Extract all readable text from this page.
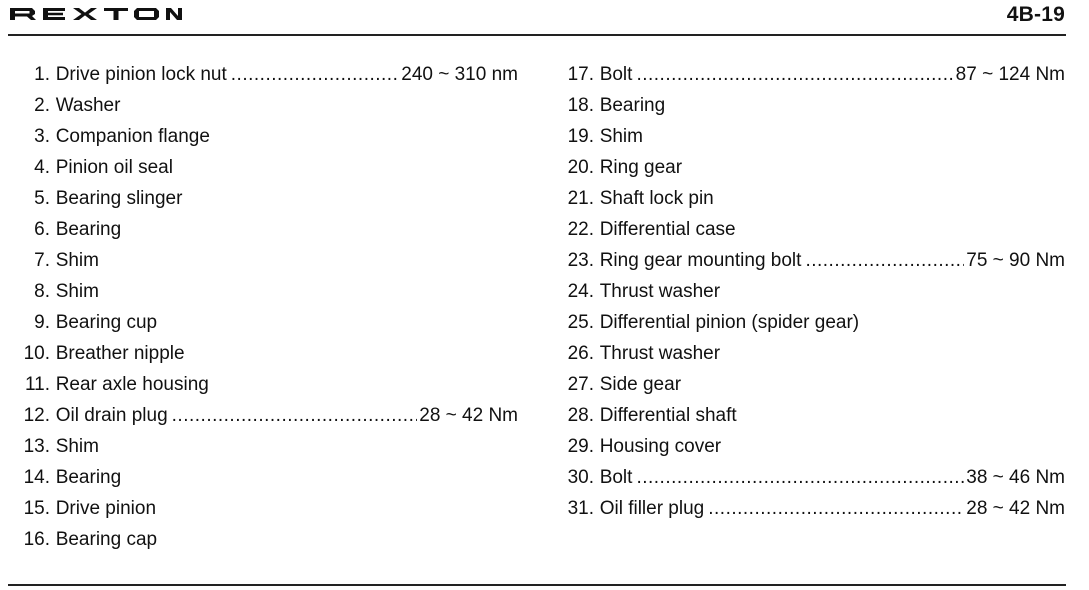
4B-19
1. Drive pinion lock nut .....	240 ~ 310 nm
2. Washer
3. Companion flange
4. Pinion oil seal
5. Bearing slinger
6. Bearing
7. Shim
8. Shim
9. Bearing cup
10. Breather nipple
11. Rear axle housing
12. Oil drain plug .....	28 ~ 42 Nm
13. Shim
14. Bearing
15. Drive pinion
16. Bearing cap
17. Bolt .....	87 ~ 124 Nm
18. Bearing
19. Shim
20. Ring gear
21. Shaft lock pin
22. Differential case
23. Ring gear mounting bolt .....	75 ~ 90 Nm
24. Thrust washer
25. Differential pinion (spider gear)
26. Thrust washer
27. Side gear
28. Differential shaft
29. Housing cover
30. Bolt .....	38 ~ 46 Nm
31. Oil filler plug .....	28 ~ 42 Nm
